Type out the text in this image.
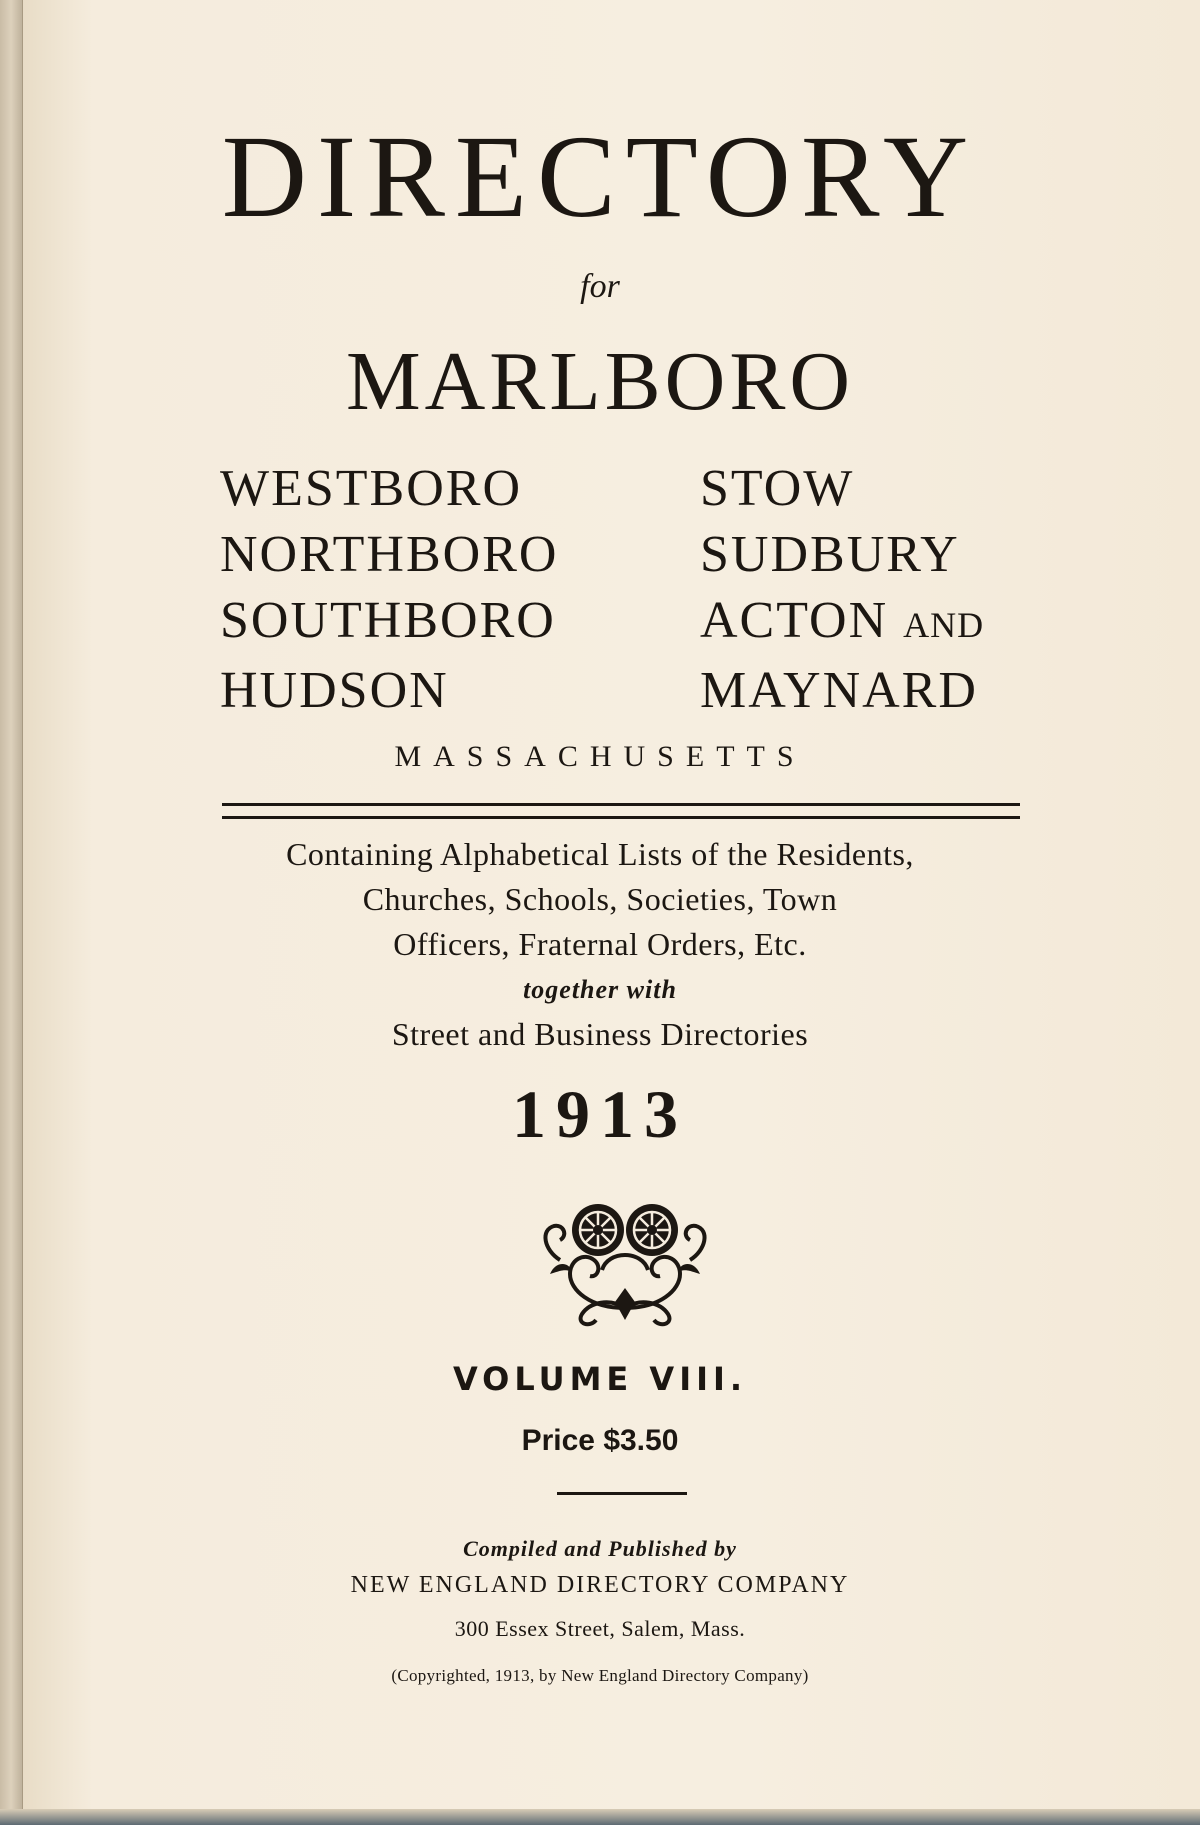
DIRECTORY
for
MARLBORO
WESTBORO	STOW
NORTHBORO	SUDBURY
SOUTHBORO	ACTON AND
HUDSON	MAYNARD
MASSACHUSETTS
Containing Alphabetical Lists of the Residents,
Churches, Schools, Societies, Town
Officers, Fraternal Orders, Etc.
together with
Street and Business Directories
1913
VOLUME VIII.
Price $3.50
Compiled and Published by
NEW ENGLAND DIRECTORY COMPANY
300 Essex Street, Salem, Mass.
(Copyrighted, 1913, by New England Directory Company)
